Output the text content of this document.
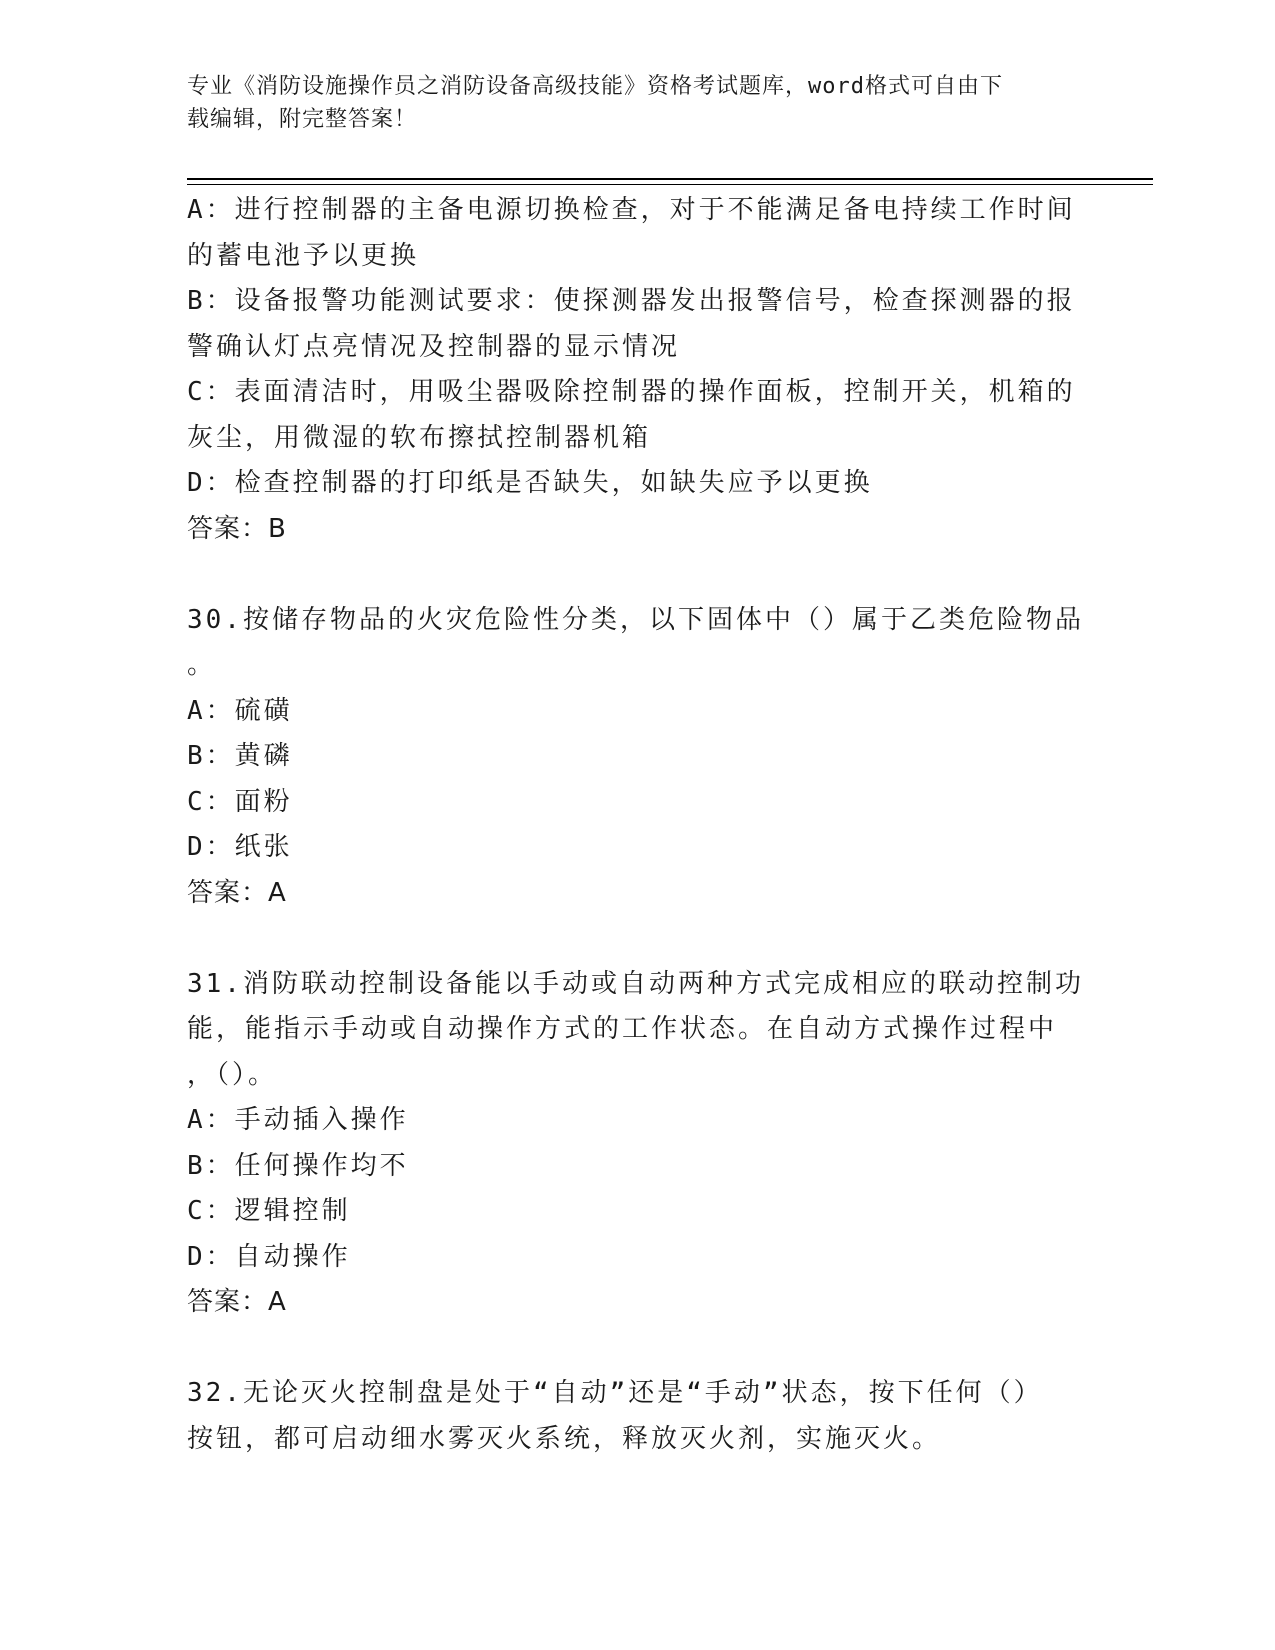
专业《消防设施操作员之消防设备高级技能》资格考试题库，word格式可自由下
载编辑，附完整答案！
A：进行控制器的主备电源切换检查，对于不能满足备电持续工作时间
的蓄电池予以更换
B：设备报警功能测试要求：使探测器发出报警信号，检查探测器的报
警确认灯点亮情况及控制器的显示情况
C：表面清洁时，用吸尘器吸除控制器的操作面板，控制开关，机箱的
灰尘，用微湿的软布擦拭控制器机箱
D：检查控制器的打印纸是否缺失，如缺失应予以更换
答案：B
30.按储存物品的火灾危险性分类，以下固体中（）属于乙类危险物品
。
A：硫磺
B：黄磷
C：面粉
D：纸张
答案：A
31.消防联动控制设备能以手动或自动两种方式完成相应的联动控制功
能，能指示手动或自动操作方式的工作状态。在自动方式操作过程中
，（）。
A：手动插入操作
B：任何操作均不
C：逻辑控制
D：自动操作
答案：A
32.无论灭火控制盘是处于“自动”还是“手动”状态，按下任何（）
按钮，都可启动细水雾灭火系统，释放灭火剂，实施灭火。
